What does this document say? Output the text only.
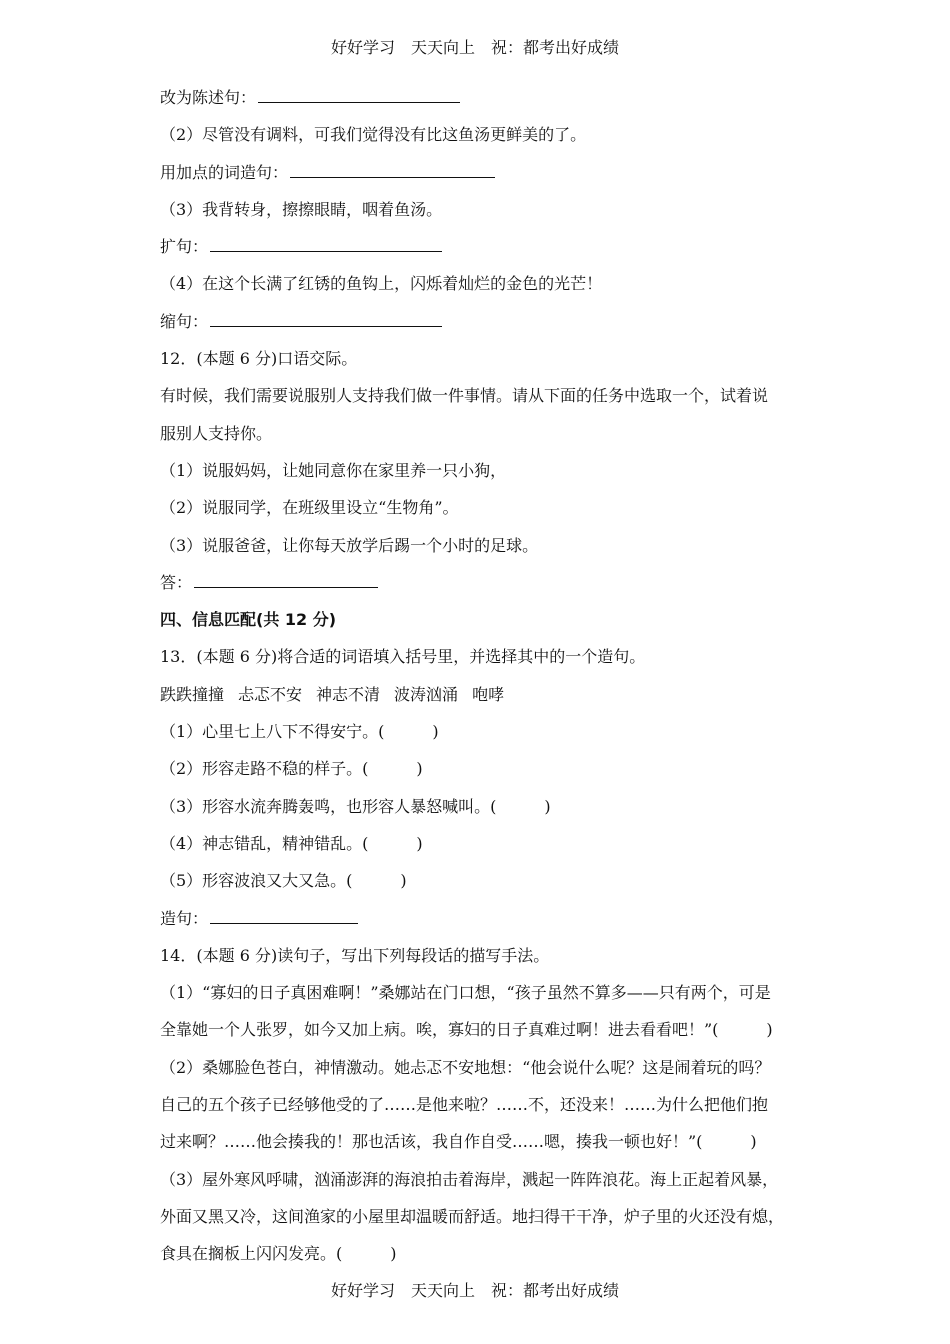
好好学习　天天向上　祝：都考出好成绩
改为陈述句：
（2）尽管没有调料，可我们觉得没有比这鱼汤更鲜美的了。
用加点的词造句：
（3）我背转身，擦擦眼睛，咽着鱼汤。
扩句：
（4）在这个长满了红锈的鱼钩上，闪烁着灿烂的金色的光芒！
缩句：
12．(本题 6 分)口语交际。
有时候，我们需要说服别人支持我们做一件事情。请从下面的任务中选取一个，试着说
服别人支持你。
（1）说服妈妈，让她同意你在家里养一只小狗，
（2）说服同学，在班级里设立“生物角”。
（3）说服爸爸，让你每天放学后踢一个小时的足球。
答：
四、信息匹配(共 12 分)
13．(本题 6 分)将合适的词语填入括号里，并选择其中的一个造句。
跌跌撞撞 忐忑不安 神志不清 波涛汹涌 咆哮
（1）心里七上八下不得安宁。(　　　)
（2）形容走路不稳的样子。(　　　)
（3）形容水流奔腾轰鸣，也形容人暴怒喊叫。(　　　)
（4）神志错乱，精神错乱。(　　　)
（5）形容波浪又大又急。(　　　)
造句：
14．(本题 6 分)读句子，写出下列每段话的描写手法。
（1）“寡妇的日子真困难啊！”桑娜站在门口想，“孩子虽然不算多——只有两个，可是
全靠她一个人张罗，如今又加上病。唉，寡妇的日子真难过啊！进去看看吧！”(　　　)
（2）桑娜脸色苍白，神情激动。她忐忑不安地想：“他会说什么呢？这是闹着玩的吗？
自己的五个孩子已经够他受的了……是他来啦？……不，还没来！……为什么把他们抱
过来啊？……他会揍我的！那也活该，我自作自受……嗯，揍我一顿也好！”(　　　)
（3）屋外寒风呼啸，汹涌澎湃的海浪拍击着海岸，溅起一阵阵浪花。海上正起着风暴，
外面又黑又冷，这间渔家的小屋里却温暖而舒适。地扫得干干净，炉子里的火还没有熄，
食具在搁板上闪闪发亮。(　　　)
好好学习　天天向上　祝：都考出好成绩
